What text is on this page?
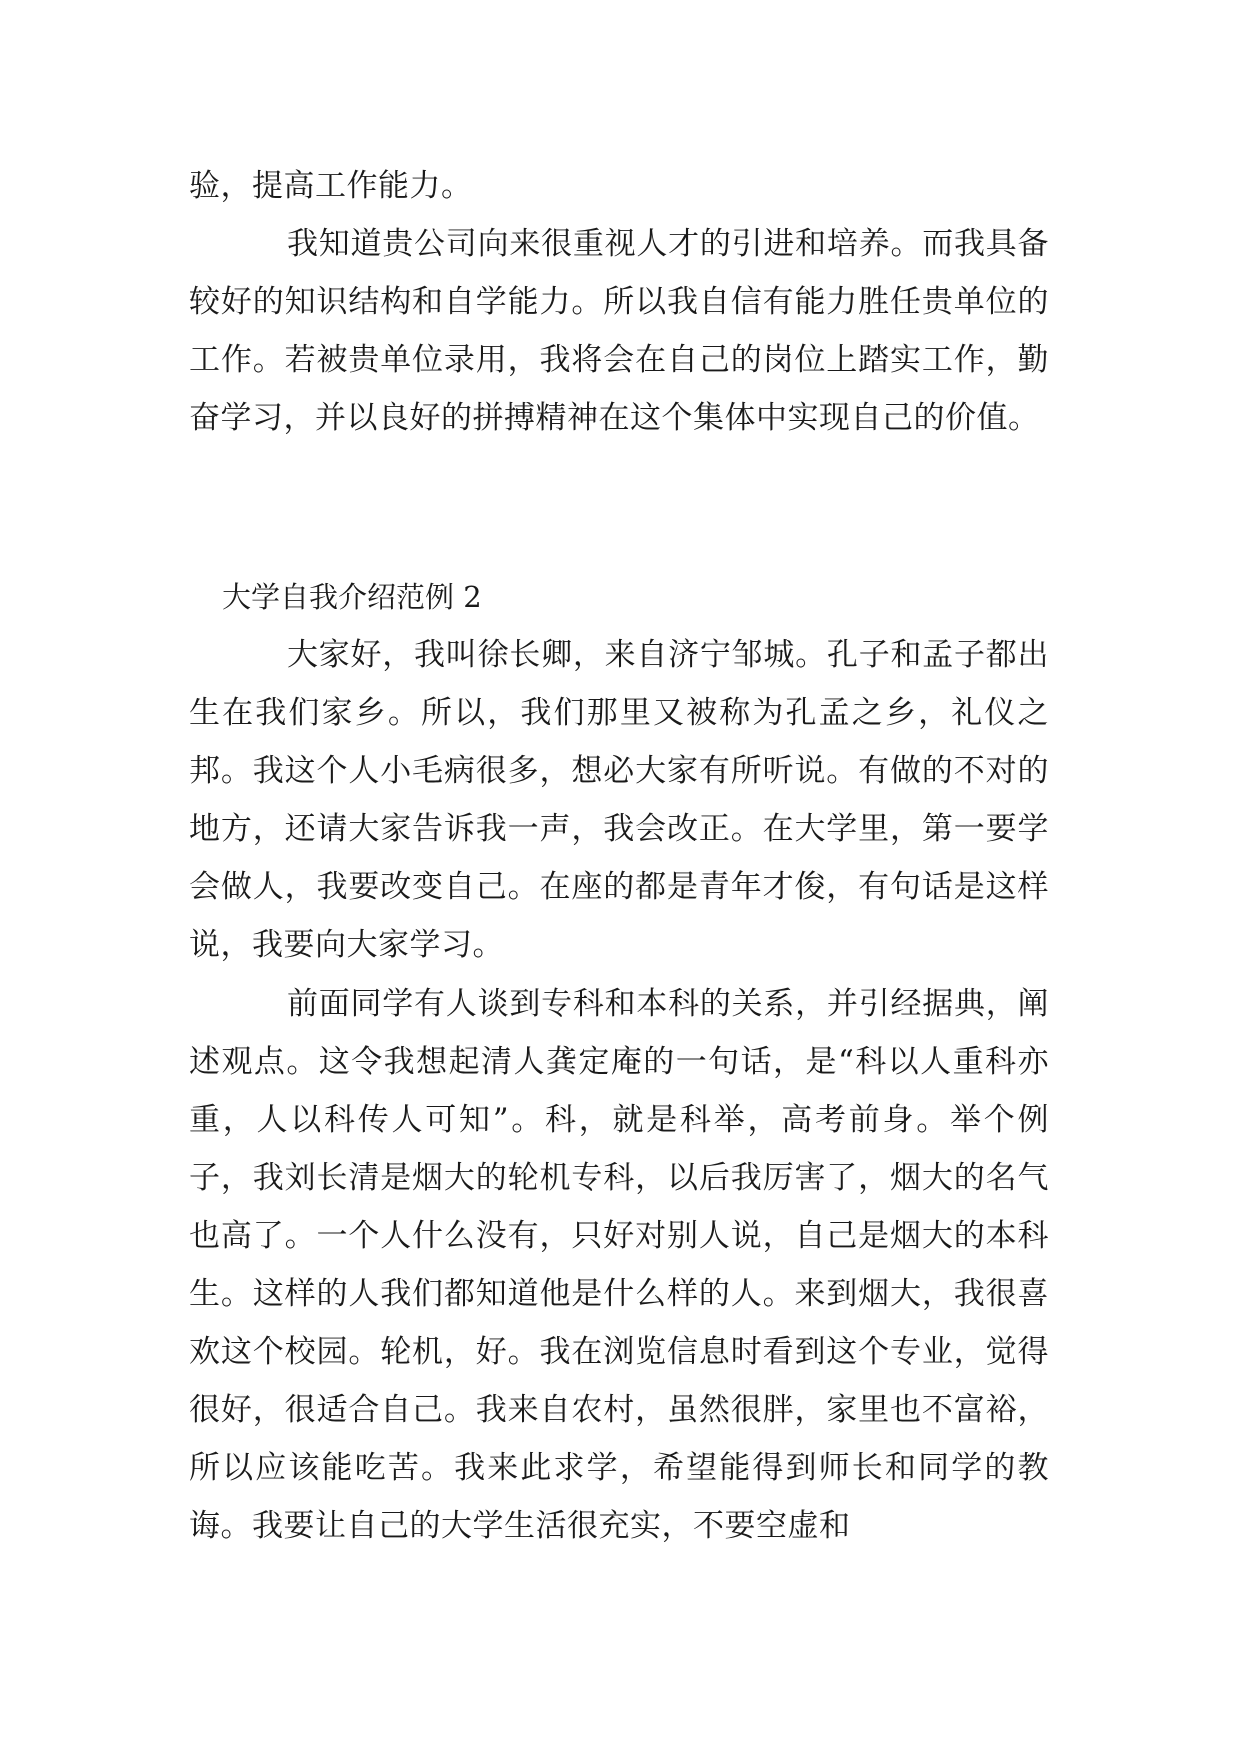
验，提高工作能力。

我知道贵公司向来很重视人才的引进和培养。而我具备较好的知识结构和自学能力。所以我自信有能力胜任贵单位的工作。若被贵单位录用，我将会在自己的岗位上踏实工作，勤奋学习，并以良好的拼搏精神在这个集体中实现自己的价值。

大学自我介绍范例 2

大家好，我叫徐长卿，来自济宁邹城。孔子和孟子都出生在我们家乡。所以，我们那里又被称为孔孟之乡，礼仪之邦。我这个人小毛病很多，想必大家有所听说。有做的不对的地方，还请大家告诉我一声，我会改正。在大学里，第一要学会做人，我要改变自己。在座的都是青年才俊，有句话是这样说，我要向大家学习。

前面同学有人谈到专科和本科的关系，并引经据典，阐述观点。这令我想起清人龚定庵的一句话，是“科以人重科亦重，人以科传人可知”。科，就是科举，高考前身。举个例子，我刘长清是烟大的轮机专科，以后我厉害了，烟大的名气也高了。一个人什么没有，只好对别人说，自己是烟大的本科生。这样的人我们都知道他是什么样的人。来到烟大，我很喜欢这个校园。轮机，好。我在浏览信息时看到这个专业，觉得很好，很适合自己。我来自农村，虽然很胖，家里也不富裕，所以应该能吃苦。我来此求学，希望能得到师长和同学的教诲。我要让自己的大学生活很充实，不要空虚和
